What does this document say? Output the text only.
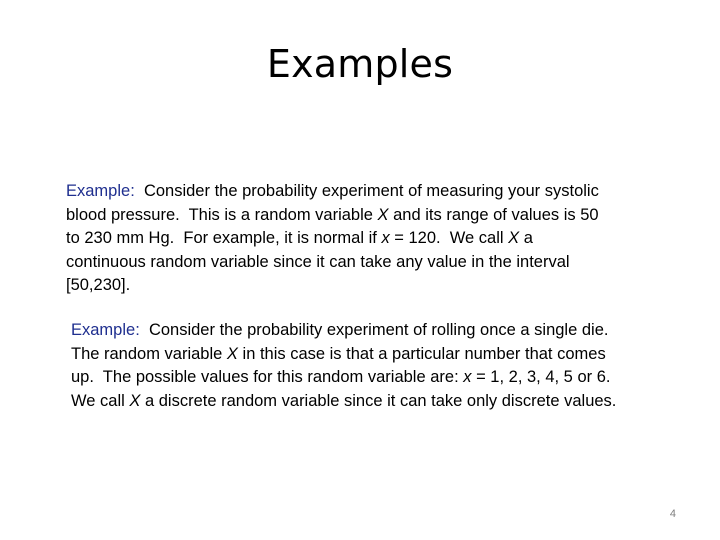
Examples

Example:  Consider the probability experiment of measuring your systolic
blood pressure.  This is a random variable X and its range of values is 50
to 230 mm Hg.  For example, it is normal if x = 120.  We call X a
continuous random variable since it can take any value in the interval
[50,230].

Example:  Consider the probability experiment of rolling once a single die.
The random variable X in this case is that a particular number that comes
up.  The possible values for this random variable are: x = 1, 2, 3, 4, 5 or 6.
We call X a discrete random variable since it can take only discrete values.

4
